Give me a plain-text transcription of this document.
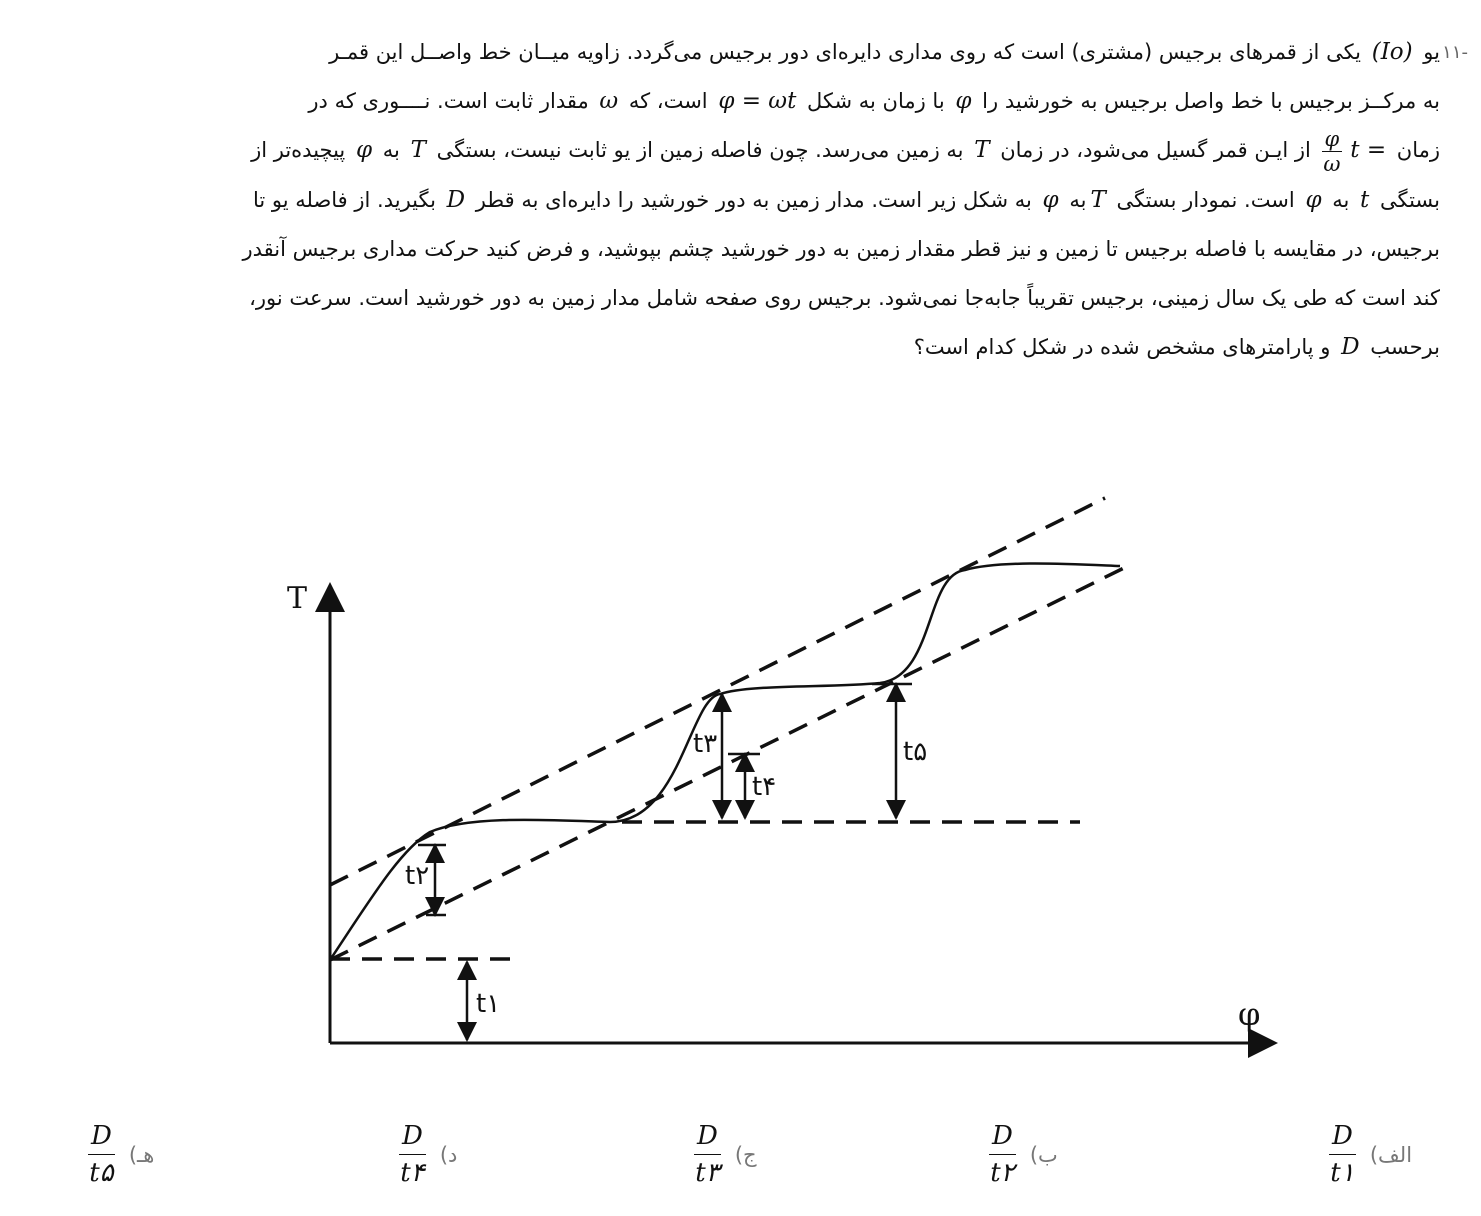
-۱۱
یو (Io) یکی از قمرهای برجیس (مشتری) است که روی مداری دایره‌ای دور برجیس می‌گردد. زاویه میــان خط واصــل این قمـر
به مرکــز برجیس با خط واصل برجیس به خورشید را φ با زمان به شکل φ = ωt است، که ω مقدار ثابت است. نــــوری که در
زمان t =
$\frac{\varphi}{\omega}$
از ایـن قمر گسیل می‌شود، در زمان T به زمین می‌رسد. چون فاصله زمین از یو ثابت نیست، بستگی T به φ پیچیده‌تر از
بستگی t به φ است. نمودار بستگی Tبه φ به شکل زیر است. مدار زمین به دور خورشید را دایره‌ای به قطر D بگیرید. از فاصله یو تا
برجیس، در مقایسه با فاصله برجیس تا زمین و نیز قطر مقدار زمین به دور خورشید چشم بپوشید، و فرض کنید حرکت مداری برجیس آنقدر
کند است که طی یک سال زمینی، برجیس تقریباً جابه‌جا نمی‌شود. برجیس روی صفحه شامل مدار زمین به دور خورشید است. سرعت نور،
برحسب D و پارامترهای مشخص شده در شکل کدام است؟
T
φ
t۱
t۲
t۳
t۴
t۵
الف)
$\frac{D}{t۱}$
ب)
$\frac{D}{t۲}$
ج)
$\frac{D}{t۳}$
د)
$\frac{D}{t۴}$
هـ)
$\frac{D}{t۵}$
